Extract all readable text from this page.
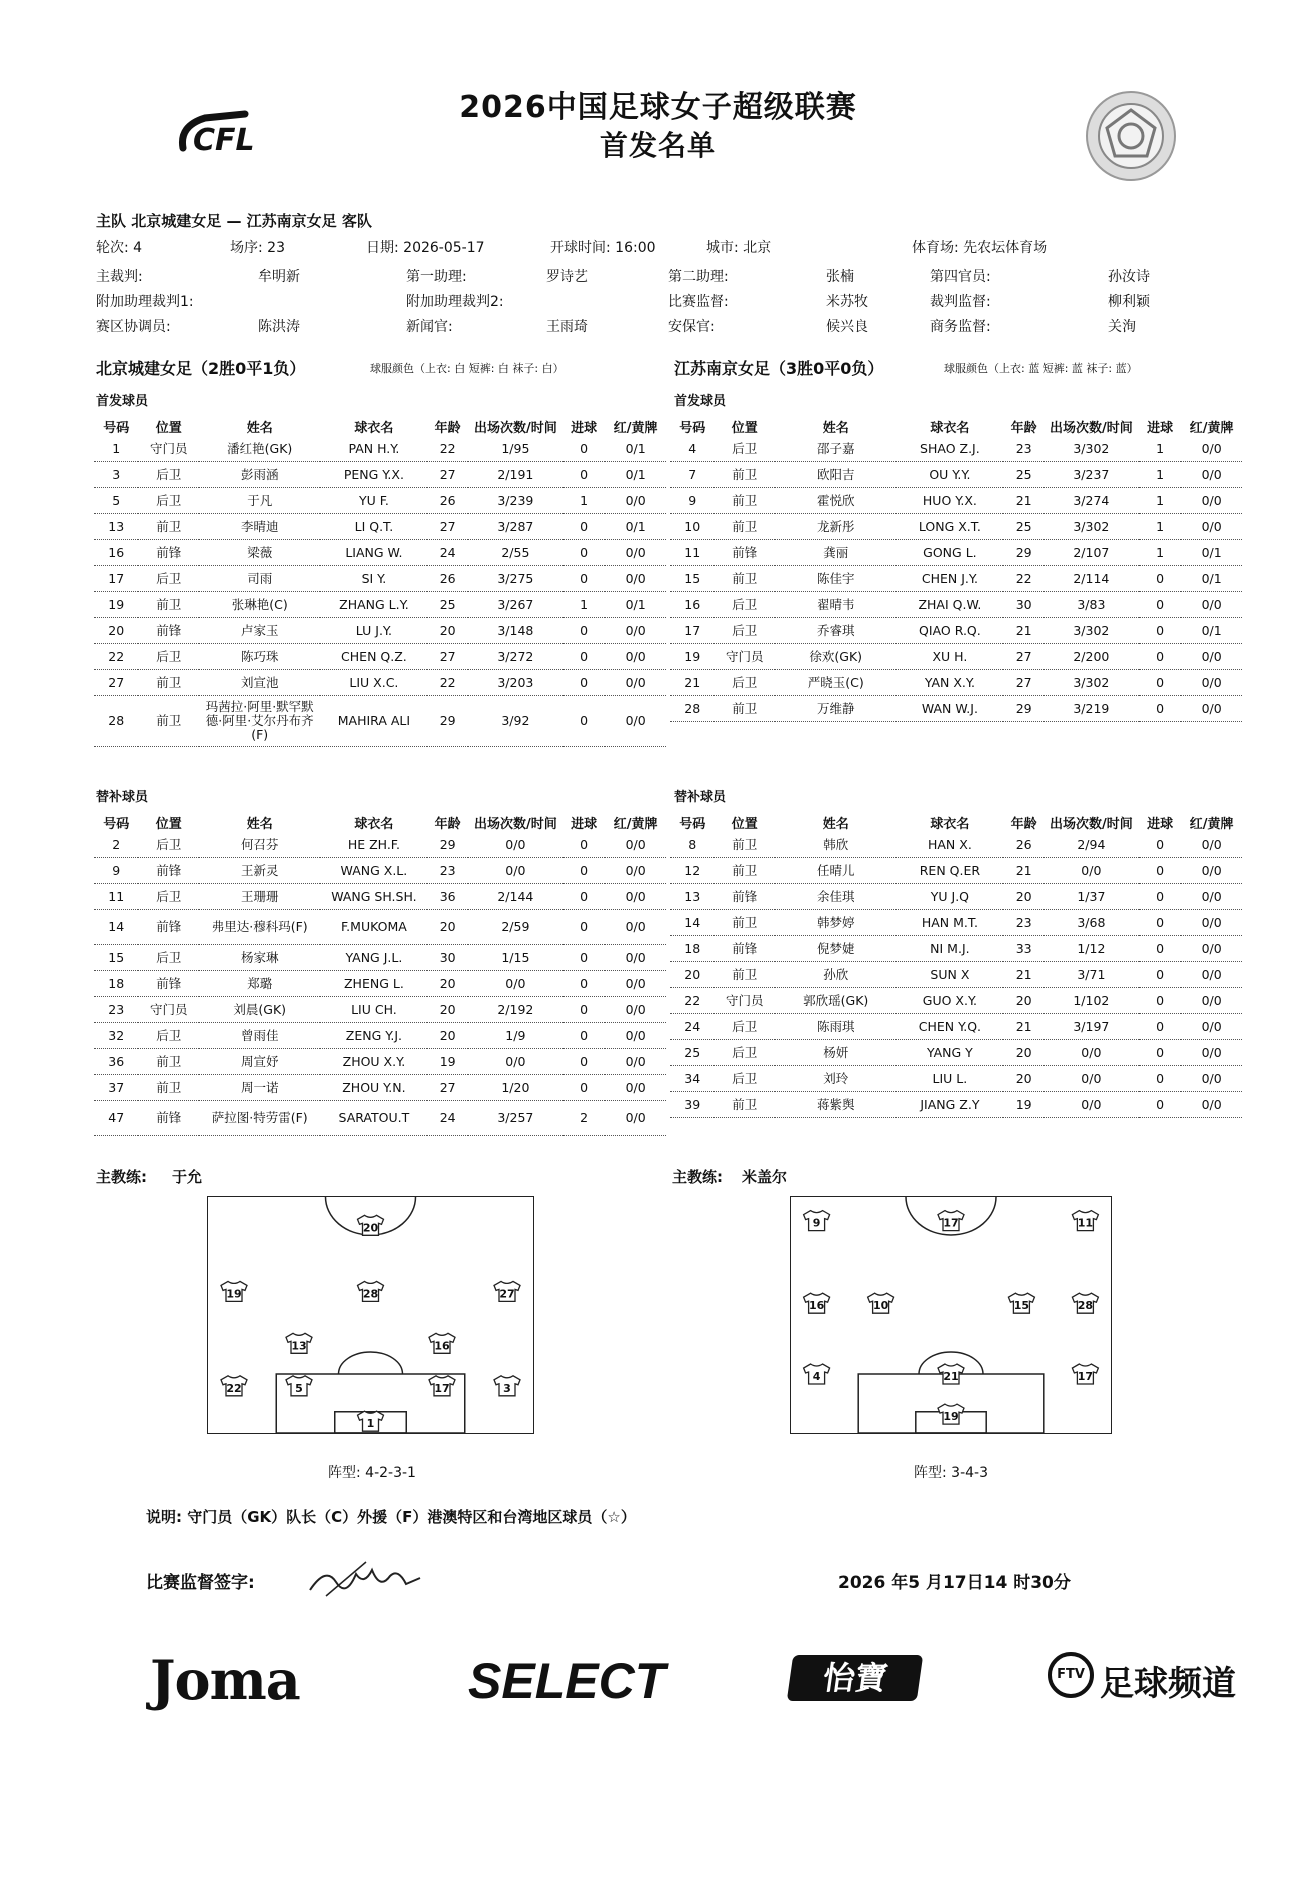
2026中国足球女子超级联赛
首发名单
CFL
主队 北京城建女足 — 江苏南京女足 客队
轮次: 4	场序: 23	日期: 2026-05-17	开球时间: 16:00	城市: 北京	体育场: 先农坛体育场
主裁判:	牟明新	第一助理:	罗诗艺	第二助理:	张楠	第四官员:	孙汝诗
附加助理裁判1:	附加助理裁判2:	比赛监督:	米苏牧	裁判监督:	柳利颖
赛区协调员:	陈洪涛	新闻官:	王雨琦	安保官:	候兴良	商务监督:	关洵
北京城建女足（2胜0平1负）	球服颜色（上衣: 白 短裤: 白 袜子: 白）	江苏南京女足（3胜0平0负）	球服颜色（上衣: 蓝 短裤: 蓝 袜子: 蓝）
首发球员	首发球员
号码	位置	姓名	球衣名	年龄	出场次数/时间	进球	红/黄牌
1	守门员	潘红艳(GK)	PAN H.Y.	22	1/95	0	0/1
3	后卫	彭雨涵	PENG Y.X.	27	2/191	0	0/1
5	后卫	于凡	YU F.	26	3/239	1	0/0
13	前卫	李晴迪	LI Q.T.	27	3/287	0	0/1
16	前锋	梁薇	LIANG W.	24	2/55	0	0/0
17	后卫	司雨	SI Y.	26	3/275	0	0/0
19	前卫	张琳艳(C)	ZHANG L.Y.	25	3/267	1	0/1
20	前锋	卢家玉	LU J.Y.	20	3/148	0	0/0
22	后卫	陈巧珠	CHEN Q.Z.	27	3/272	0	0/0
27	前卫	刘宣池	LIU X.C.	22	3/203	0	0/0
28	前卫	玛茜拉·阿里·默罕默德·阿里·艾尔丹布齐(F)	MAHIRA ALI	29	3/92	0	0/0
号码	位置	姓名	球衣名	年龄	出场次数/时间	进球	红/黄牌
4	后卫	邵子嘉	SHAO Z.J.	23	3/302	1	0/0
7	前卫	欧阳吉	OU Y.Y.	25	3/237	1	0/0
9	前卫	霍悦欣	HUO Y.X.	21	3/274	1	0/0
10	前卫	龙新彤	LONG X.T.	25	3/302	1	0/0
11	前锋	龚丽	GONG L.	29	2/107	1	0/1
15	前卫	陈佳宇	CHEN J.Y.	22	2/114	0	0/1
16	后卫	翟晴韦	ZHAI Q.W.	30	3/83	0	0/0
17	后卫	乔睿琪	QIAO R.Q.	21	3/302	0	0/1
19	守门员	徐欢(GK)	XU H.	27	2/200	0	0/0
21	后卫	严晓玉(C)	YAN X.Y.	27	3/302	0	0/0
28	前卫	万维静	WAN W.J.	29	3/219	0	0/0
替补球员	替补球员
号码	位置	姓名	球衣名	年龄	出场次数/时间	进球	红/黄牌
2	后卫	何召芬	HE ZH.F.	29	0/0	0	0/0
9	前锋	王新灵	WANG X.L.	23	0/0	0	0/0
11	后卫	王珊珊	WANG SH.SH.	36	2/144	0	0/0
14	前锋	弗里达·穆科玛(F)	F.MUKOMA	20	2/59	0	0/0
15	后卫	杨家琳	YANG J.L.	30	1/15	0	0/0
18	前锋	郑璐	ZHENG L.	20	0/0	0	0/0
23	守门员	刘晨(GK)	LIU CH.	20	2/192	0	0/0
32	后卫	曾雨佳	ZENG Y.J.	20	1/9	0	0/0
36	前卫	周宣妤	ZHOU X.Y.	19	0/0	0	0/0
37	前卫	周一诺	ZHOU Y.N.	27	1/20	0	0/0
47	前锋	萨拉图·特劳雷(F)	SARATOU.T	24	3/257	2	0/0
号码	位置	姓名	球衣名	年龄	出场次数/时间	进球	红/黄牌
8	前卫	韩欣	HAN X.	26	2/94	0	0/0
12	前卫	任晴儿	REN Q.ER	21	0/0	0	0/0
13	前锋	余佳琪	YU J.Q	20	1/37	0	0/0
14	前卫	韩梦婷	HAN M.T.	23	3/68	0	0/0
18	前锋	倪梦婕	NI M.J.	33	1/12	0	0/0
20	前卫	孙欣	SUN X	21	3/71	0	0/0
22	守门员	郭欣瑶(GK)	GUO X.Y.	20	1/102	0	0/0
24	后卫	陈雨琪	CHEN Y.Q.	21	3/197	0	0/0
25	后卫	杨妍	YANG Y	20	0/0	0	0/0
34	后卫	刘玲	LIU L.	20	0/0	0	0/0
39	前卫	蒋紫舆	JIANG Z.Y	19	0/0	0	0/0
主教练: 于允	主教练: 米盖尔
20
19	28	27
13	16
22	5	17	3
1
9	17	11
16	10	15	28
4	21	17
19
阵型: 4-2-3-1	阵型: 3-4-3
说明: 守门员（GK）队长（C）外援（F）港澳特区和台湾地区球员（☆）
比赛监督签字:	2026 年5 月17日14 时30分
Joma	SELECT	怡寶	FTV 足球频道
